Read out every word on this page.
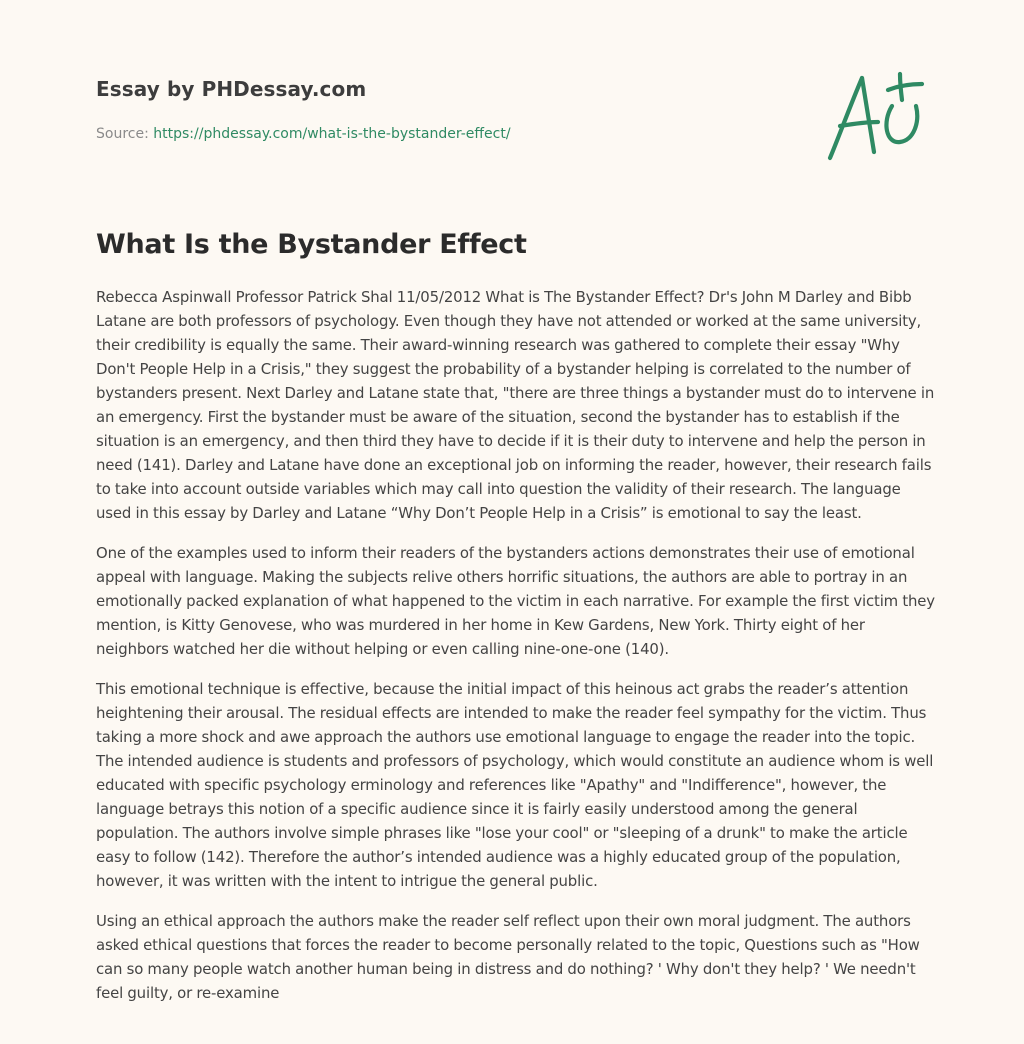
Essay by PHDessay.com
Source: https://phdessay.com/what-is-the-bystander-effect/
What Is the Bystander Effect

Rebecca Aspinwall Professor Patrick Shal 11/05/2012 What is The Bystander Effect? Dr's John M Darley and Bibb Latane are both professors of psychology. Even though they have not attended or worked at the same university, their credibility is equally the same. Their award-winning research was gathered to complete their essay "Why Don't People Help in a Crisis," they suggest the probability of a bystander helping is correlated to the number of bystanders present. Next Darley and Latane state that, "there are three things a bystander must do to intervene in an emergency. First the bystander must be aware of the situation, second the bystander has to establish if the situation is an emergency, and then third they have to decide if it is their duty to intervene and help the person in need (141). Darley and Latane have done an exceptional job on informing the reader, however, their research fails to take into account outside variables which may call into question the validity of their research. The language used in this essay by Darley and Latane “Why Don’t People Help in a Crisis” is emotional to say the least.

One of the examples used to inform their readers of the bystanders actions demonstrates their use of emotional appeal with language. Making the subjects relive others horrific situations, the authors are able to portray in an emotionally packed explanation of what happened to the victim in each narrative. For example the first victim they mention, is Kitty Genovese, who was murdered in her home in Kew Gardens, New York. Thirty eight of her neighbors watched her die without helping or even calling nine-one-one (140).

This emotional technique is effective, because the initial impact of this heinous act grabs the reader’s attention heightening their arousal. The residual effects are intended to make the reader feel sympathy for the victim. Thus taking a more shock and awe approach the authors use emotional language to engage the reader into the topic. The intended audience is students and professors of psychology, which would constitute an audience whom is well educated with specific psychology erminology and references like "Apathy" and "Indifference", however, the language betrays this notion of a specific audience since it is fairly easily understood among the general population. The authors involve simple phrases like "lose your cool" or "sleeping of a drunk" to make the article easy to follow (142). Therefore the author’s intended audience was a highly educated group of the population, however, it was written with the intent to intrigue the general public.

Using an ethical approach the authors make the reader self reflect upon their own moral judgment. The authors asked ethical questions that forces the reader to become personally related to the topic, Questions such as "How can so many people watch another human being in distress and do nothing? ' Why don't they help? ' We needn't feel guilty, or re-examine
